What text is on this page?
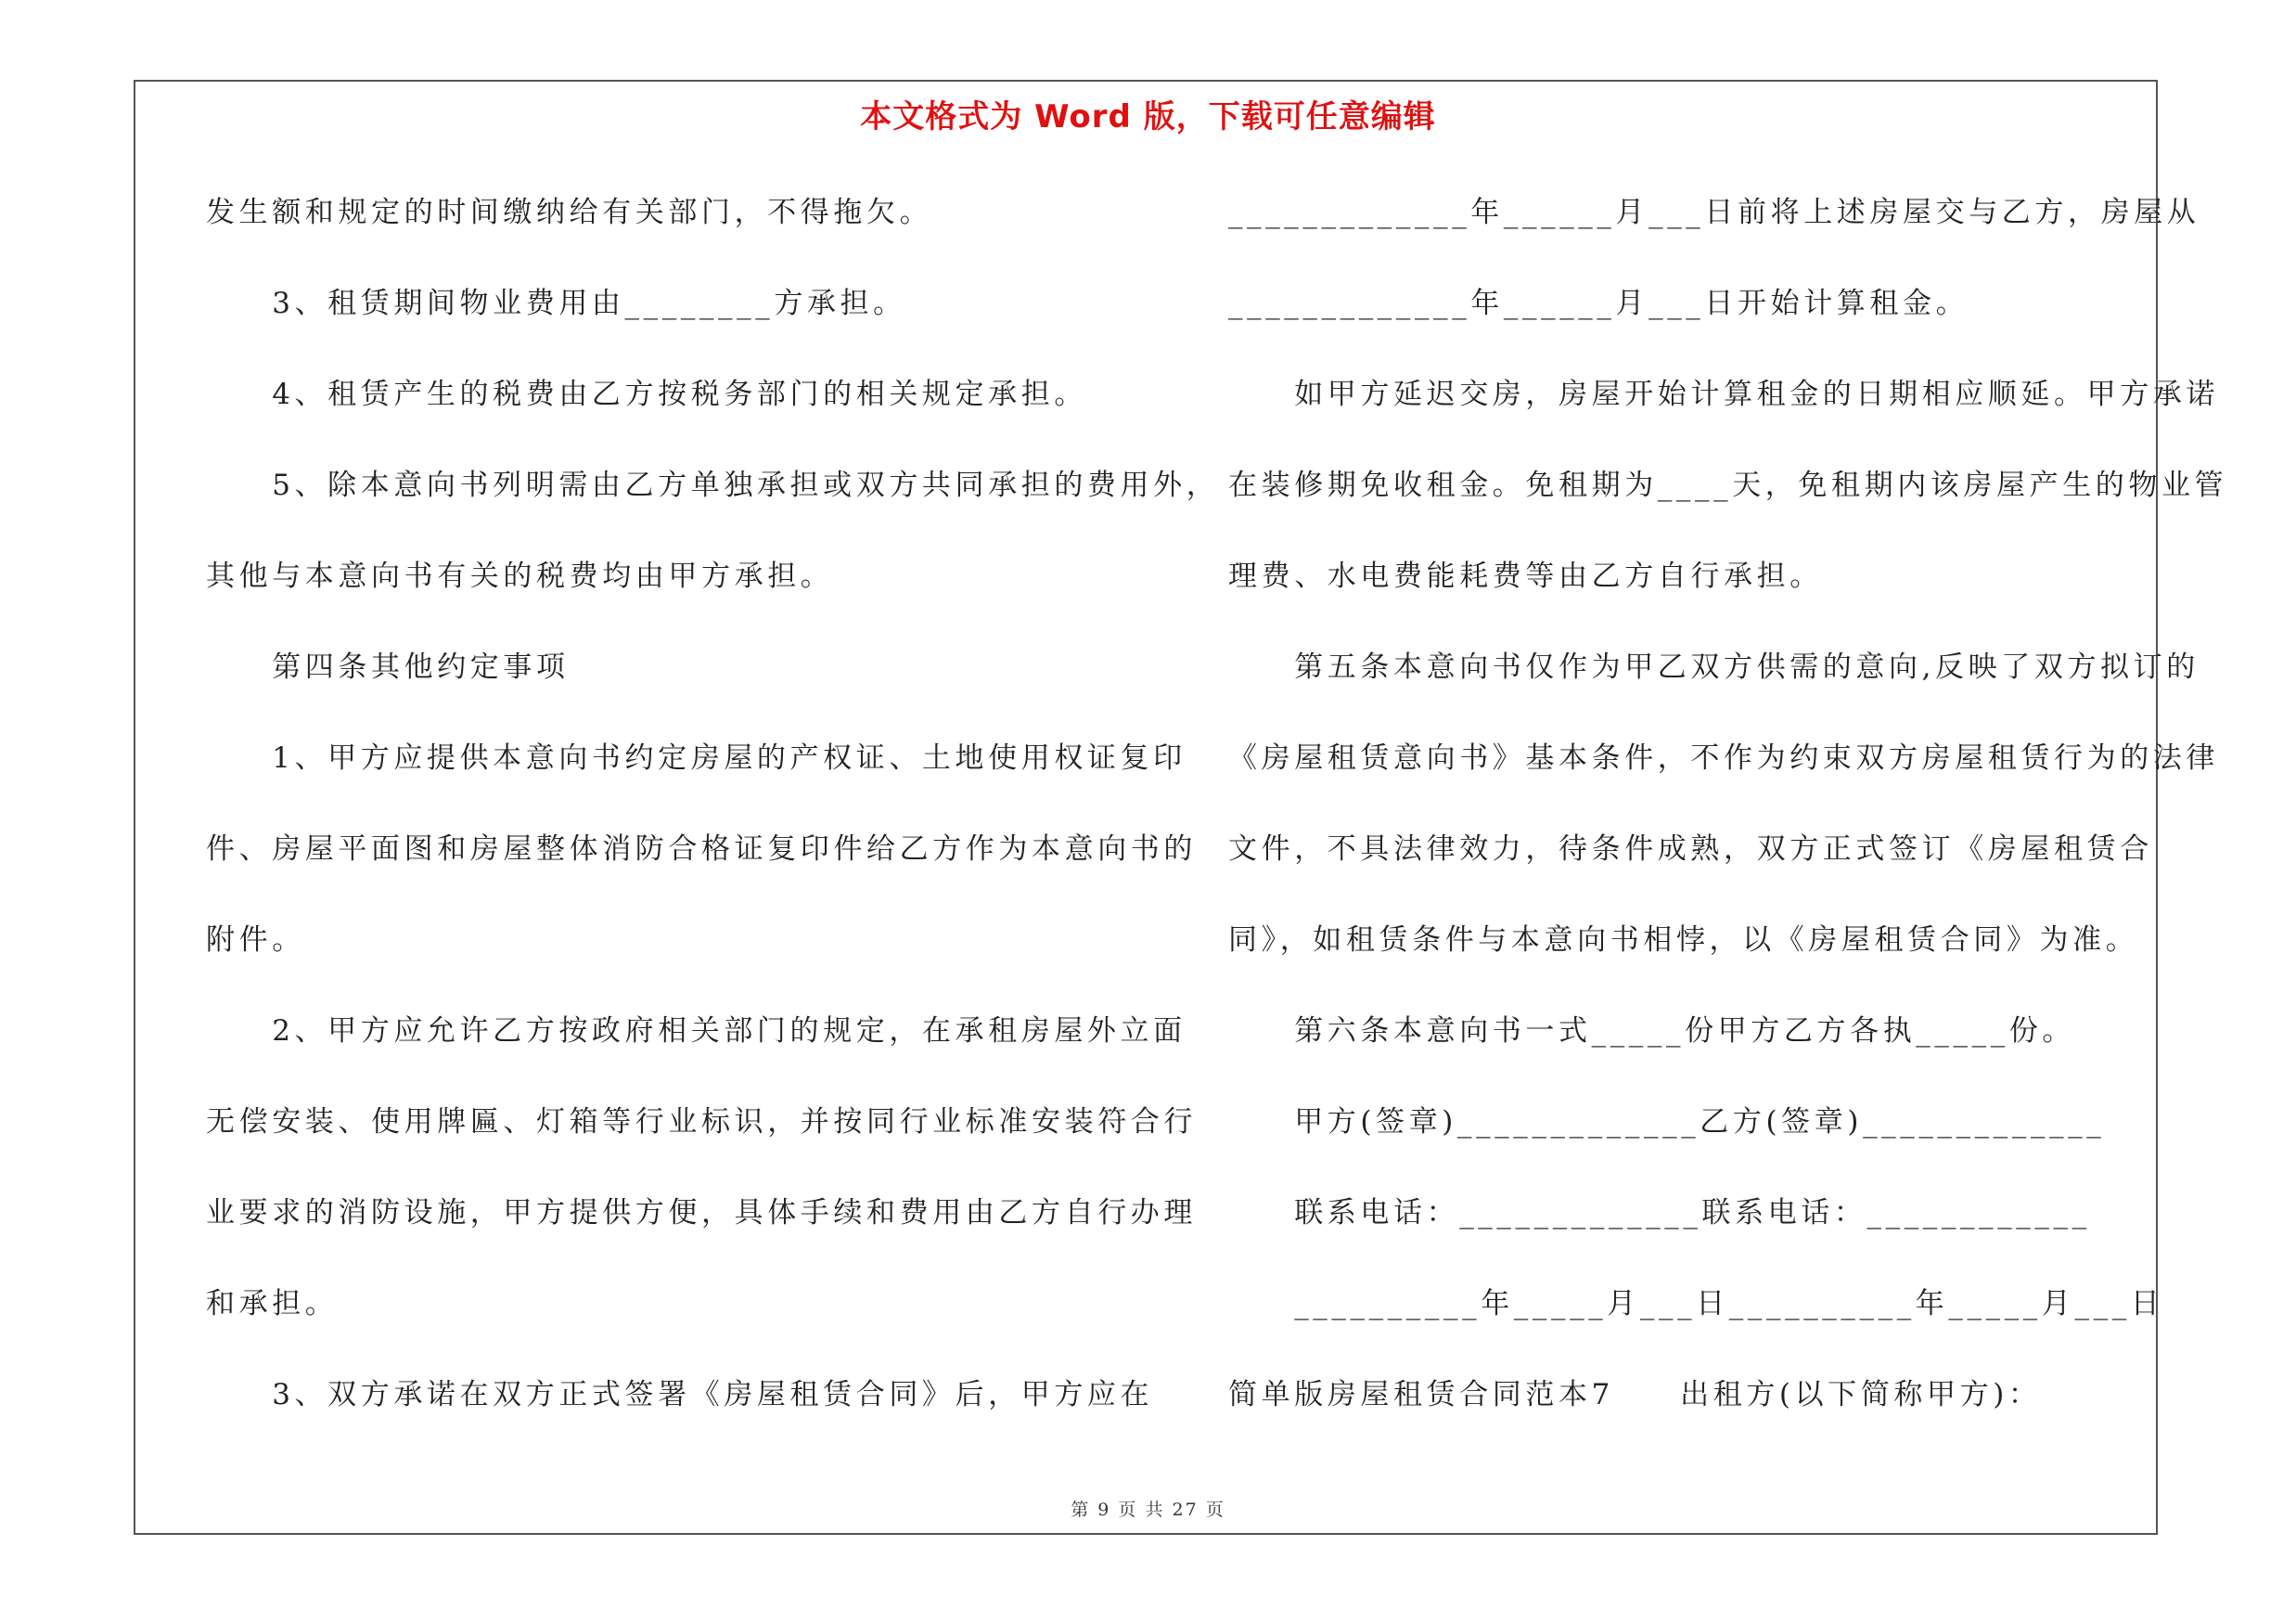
本文格式为 Word 版，下载可任意编辑
发生额和规定的时间缴纳给有关部门，不得拖欠。
　　3、租赁期间物业费用由________方承担。
　　4、租赁产生的税费由乙方按税务部门的相关规定承担。
　　5、除本意向书列明需由乙方单独承担或双方共同承担的费用外，
其他与本意向书有关的税费均由甲方承担。
　　第四条其他约定事项
　　1、甲方应提供本意向书约定房屋的产权证、土地使用权证复印
件、房屋平面图和房屋整体消防合格证复印件给乙方作为本意向书的
附件。
　　2、甲方应允许乙方按政府相关部门的规定，在承租房屋外立面
无偿安装、使用牌匾、灯箱等行业标识，并按同行业标准安装符合行
业要求的消防设施，甲方提供方便，具体手续和费用由乙方自行办理
和承担。
　　3、双方承诺在双方正式签署《房屋租赁合同》后，甲方应在
_____________年______月___日前将上述房屋交与乙方，房屋从
_____________年______月___日开始计算租金。
　　如甲方延迟交房，房屋开始计算租金的日期相应顺延。甲方承诺
在装修期免收租金。免租期为____天，免租期内该房屋产生的物业管
理费、水电费能耗费等由乙方自行承担。
　　第五条本意向书仅作为甲乙双方供需的意向,反映了双方拟订的
《房屋租赁意向书》基本条件，不作为约束双方房屋租赁行为的法律
文件，不具法律效力，待条件成熟，双方正式签订《房屋租赁合
同》，如租赁条件与本意向书相悖，以《房屋租赁合同》为准。
　　第六条本意向书一式_____份甲方乙方各执_____份。
　　甲方(签章)_____________乙方(签章)_____________
　　联系电话：_____________联系电话：____________
　　__________年_____月___日__________年_____月___日
简单版房屋租赁合同范本7　　出租方(以下简称甲方)：
第 9 页 共 27 页
